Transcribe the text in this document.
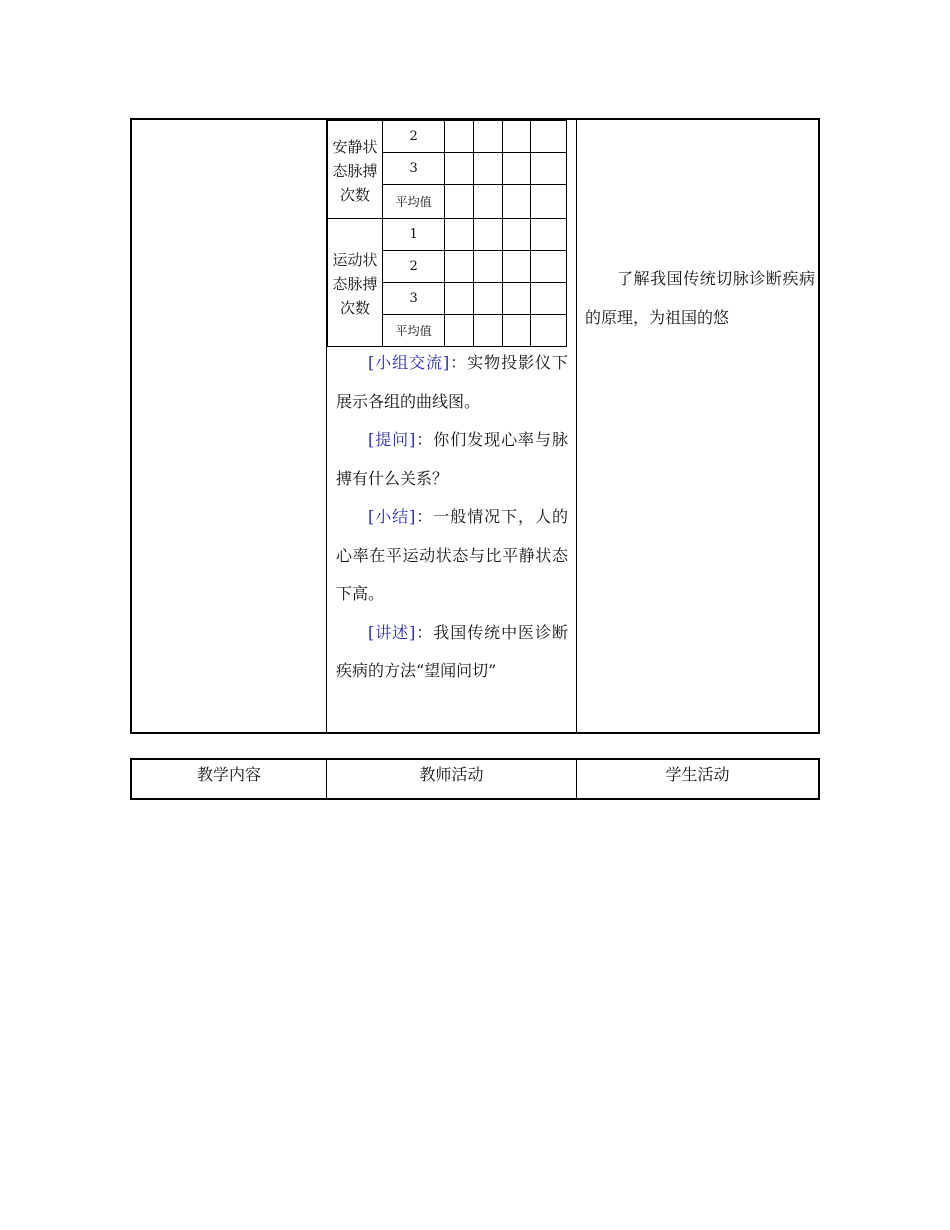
安静状态脉搏次数	2				
	3				
	平均值				
运动状态脉搏次数	1				
	2				
	3				
	平均值				

[小组交流]：实物投影仪下展示各组的曲线图。

[提问]：你们发现心率与脉搏有什么关系？

[小结]：一般情况下，人的心率在平运动状态与比平静状态下高。

[讲述]：我国传统中医诊断疾病的方法“望闻问切”

了解我国传统切脉诊断疾病的原理，为祖国的悠

教学内容	教师活动	学生活动
